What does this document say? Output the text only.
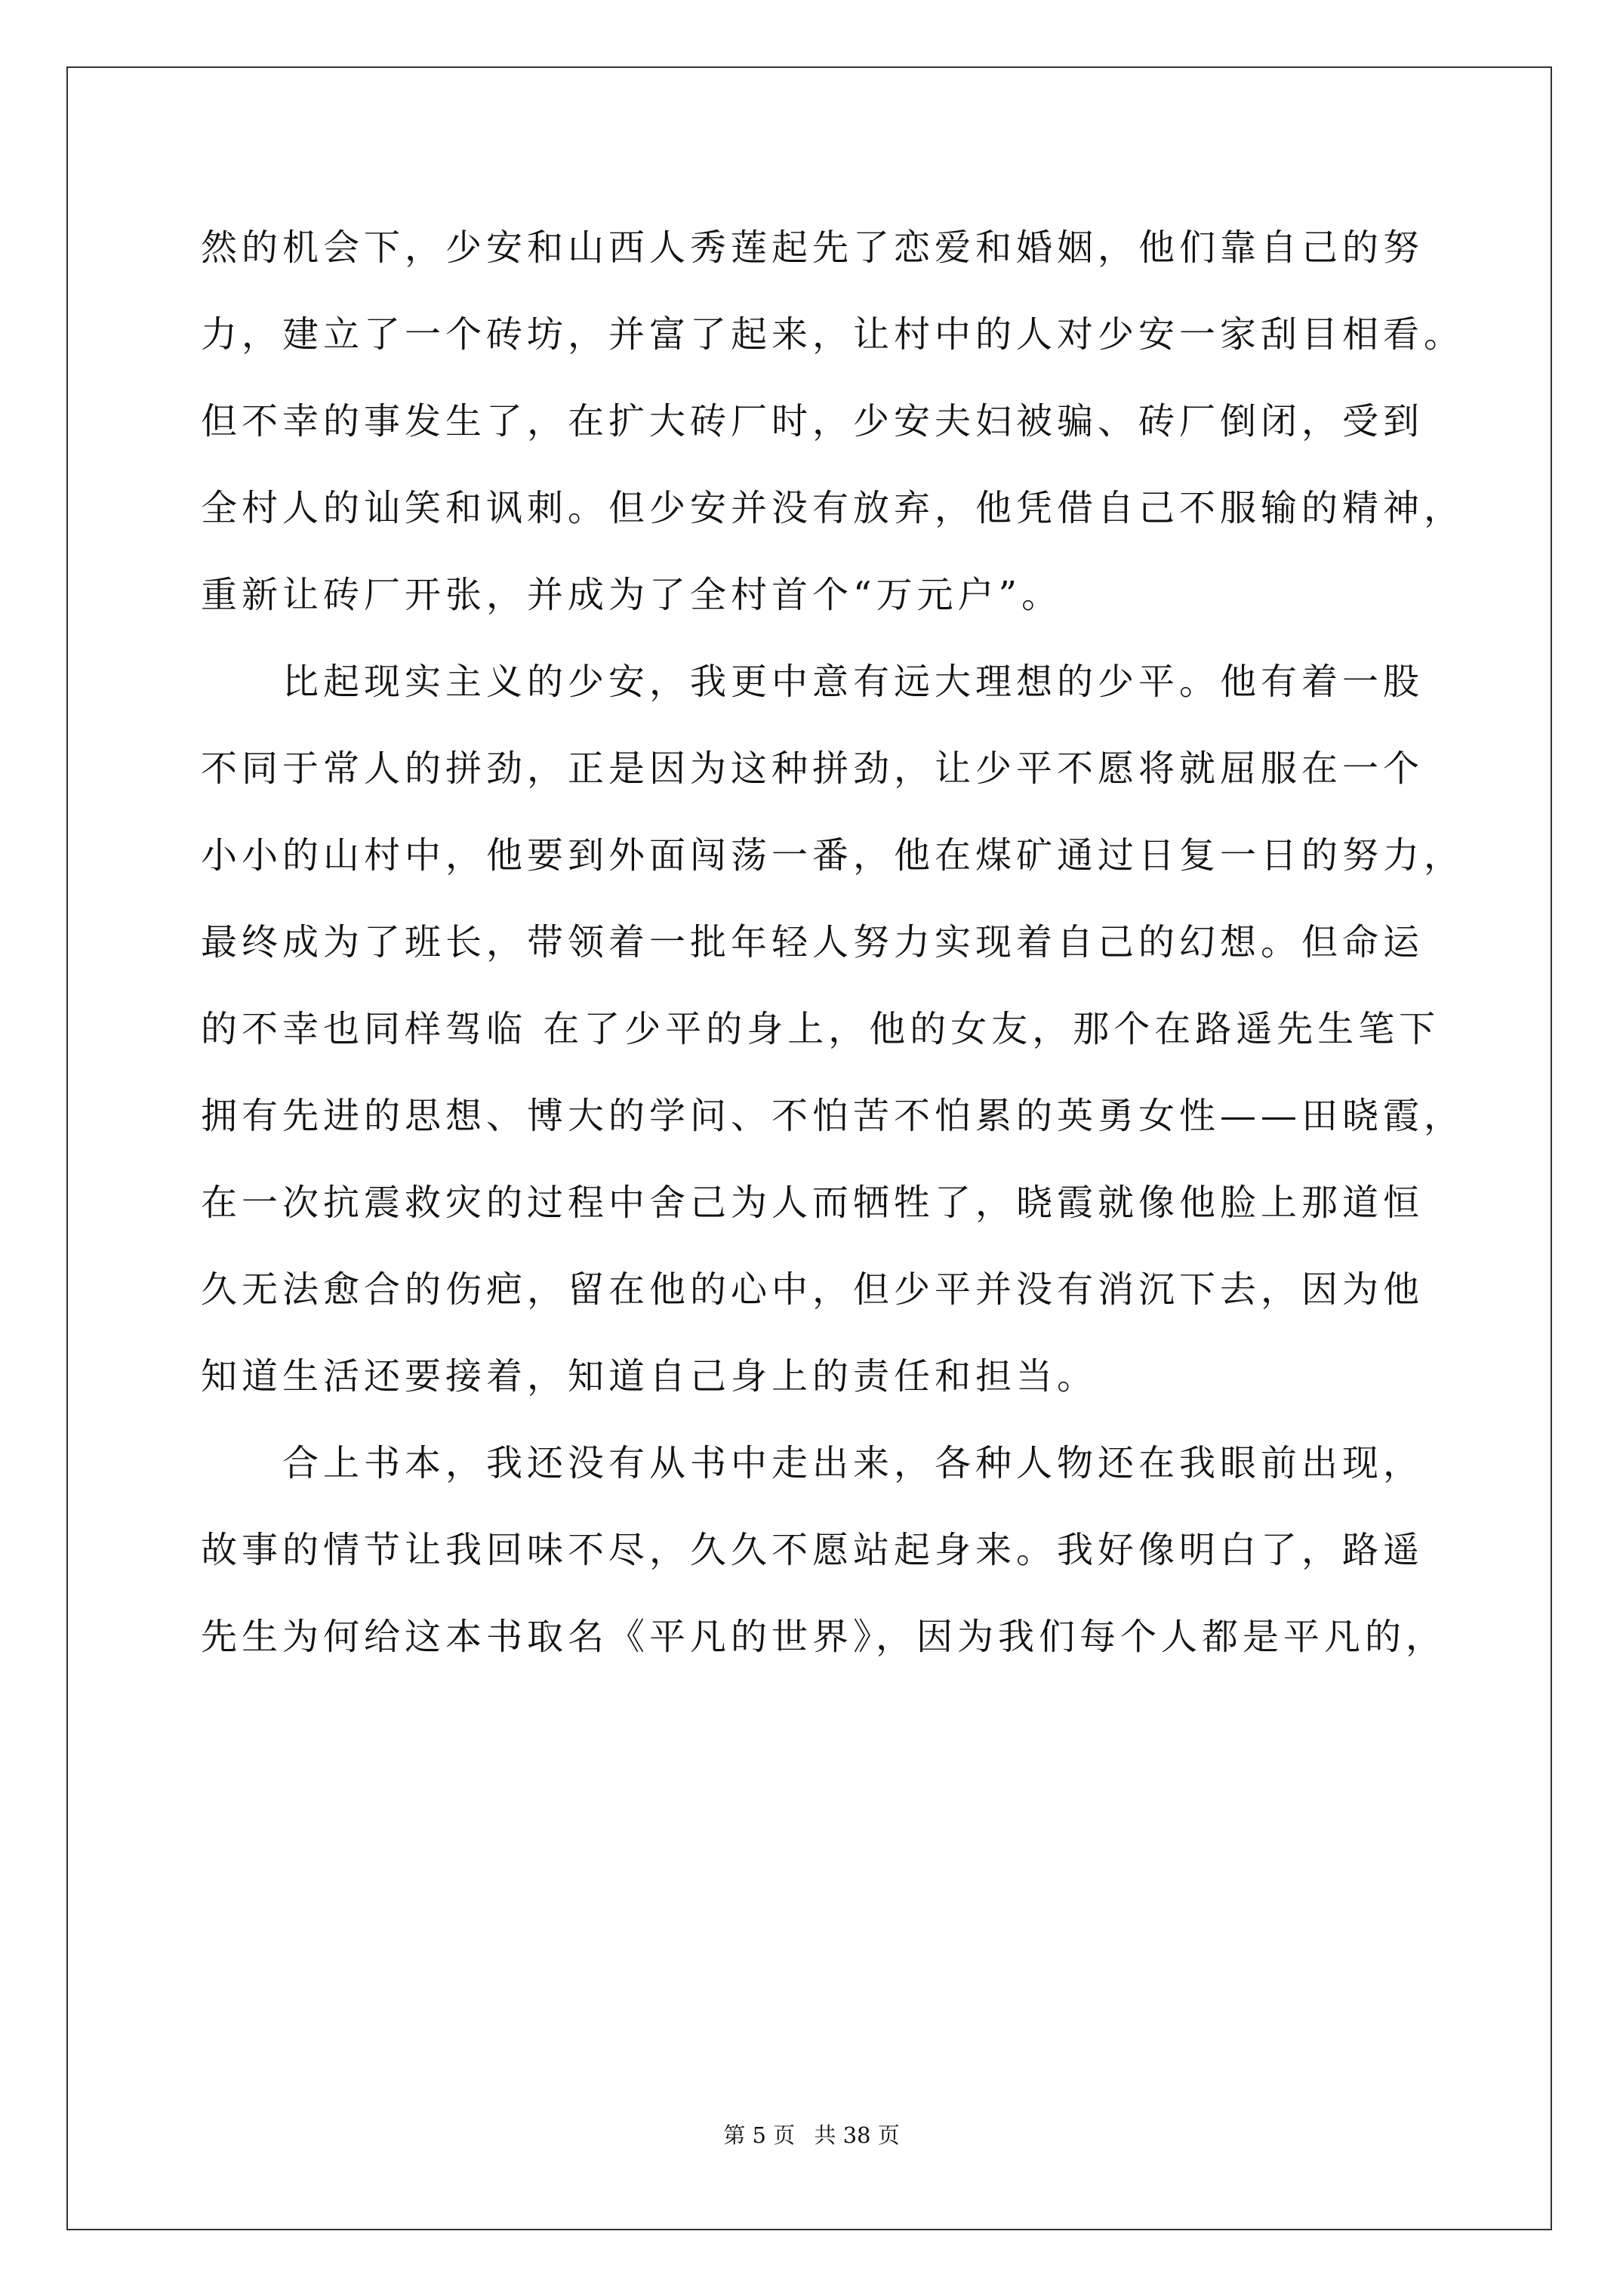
然的机会下，少安和山西人秀莲起先了恋爱和婚姻，他们靠自己的努
力，建立了一个砖坊，并富了起来，让村中的人对少安一家刮目相看。
但不幸的事发生了，在扩大砖厂时，少安夫妇被骗、砖厂倒闭，受到
全村人的讪笑和讽刺。但少安并没有放弃，他凭借自己不服输的精神，
重新让砖厂开张，并成为了全村首个“万元户”。
比起现实主义的少安，我更中意有远大理想的少平。他有着一股
不同于常人的拼劲，正是因为这种拼劲，让少平不愿将就屈服在一个
小小的山村中，他要到外面闯荡一番，他在煤矿通过日复一日的努力，
最终成为了班长，带领着一批年轻人努力实现着自己的幻想。但命运
的不幸也同样驾临 在了少平的身上，他的女友，那个在路遥先生笔下
拥有先进的思想、博大的学问、不怕苦不怕累的英勇女性——田晓霞，
在一次抗震救灾的过程中舍己为人而牺牲了，晓霞就像他脸上那道恒
久无法愈合的伤疤，留在他的心中，但少平并没有消沉下去，因为他
知道生活还要接着，知道自己身上的责任和担当。
合上书本，我还没有从书中走出来，各种人物还在我眼前出现，
故事的情节让我回味不尽，久久不愿站起身来。我好像明白了，路遥
先生为何给这本书取名《平凡的世界》，因为我们每个人都是平凡的，
第 5 页 共 38 页
